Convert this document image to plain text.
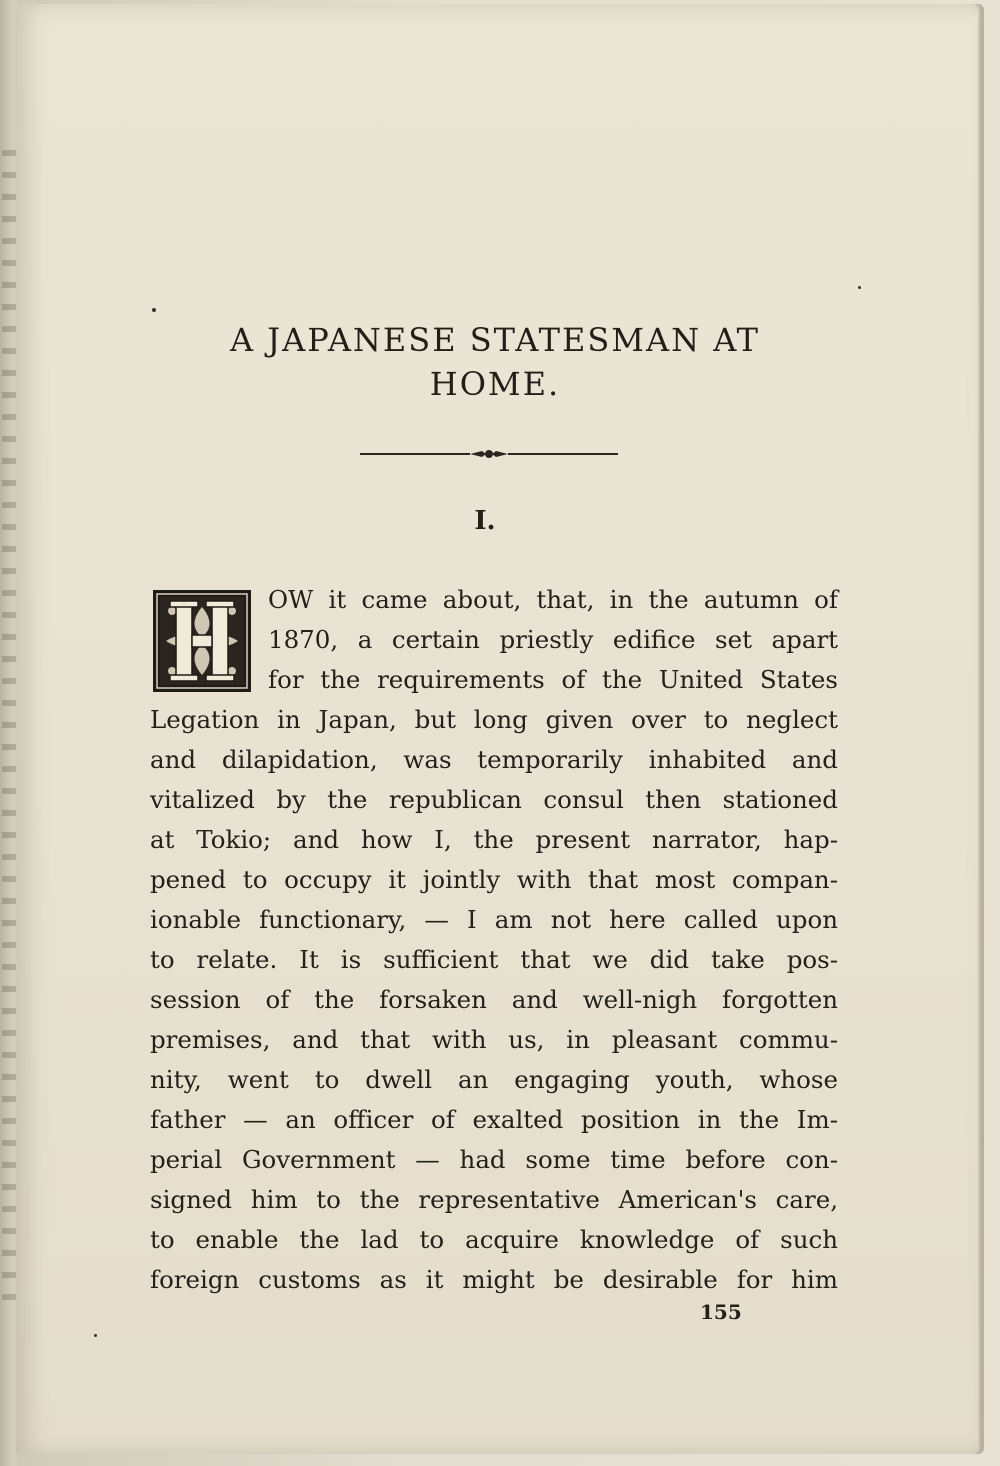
A JAPANESE STATESMAN AT
HOME.
I.
H
OW it came about, that, in the autumn of
1870, a certain priestly edifice set apart
for the requirements of the United States
Legation in Japan, but long given over to neglect
and dilapidation, was temporarily inhabited and
vitalized by the republican consul then stationed
at Tokio; and how I, the present narrator, hap-
pened to occupy it jointly with that most compan-
ionable functionary, — I am not here called upon
to relate. It is sufficient that we did take pos-
session of the forsaken and well-nigh forgotten
premises, and that with us, in pleasant commu-
nity, went to dwell an engaging youth, whose
father — an officer of exalted position in the Im-
perial Government — had some time before con-
signed him to the representative American's care,
to enable the lad to acquire knowledge of such
foreign customs as it might be desirable for him
155
